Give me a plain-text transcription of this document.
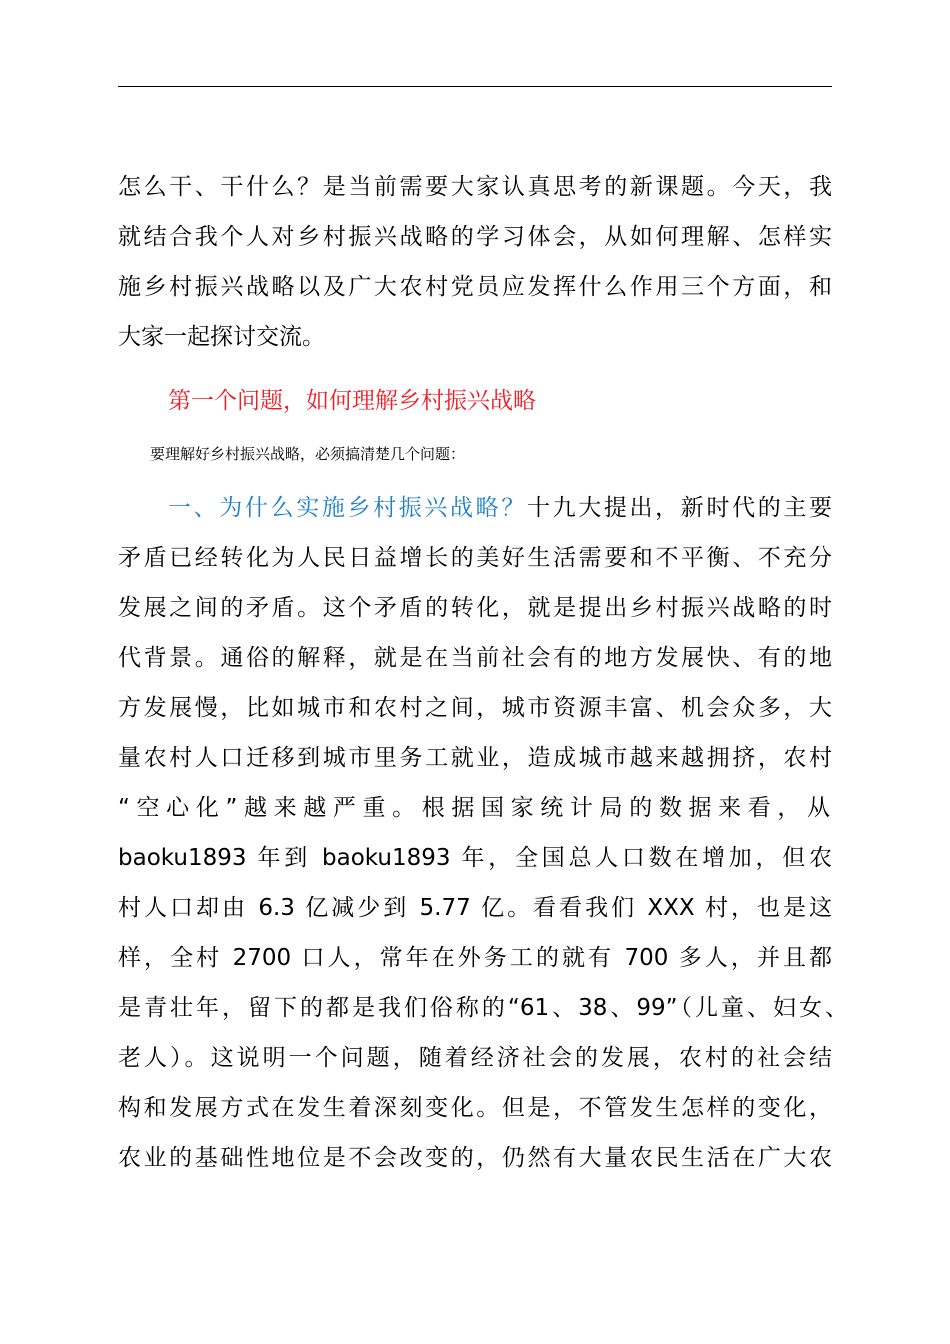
怎么干、干什么？是当前需要大家认真思考的新课题。今天，我
就结合我个人对乡村振兴战略的学习体会，从如何理解、怎样实
施乡村振兴战略以及广大农村党员应发挥什么作用三个方面，和
大家一起探讨交流。
第一个问题，如何理解乡村振兴战略
要理解好乡村振兴战略，必须搞清楚几个问题：
一、为什么实施乡村振兴战略？十九大提出，新时代的主要
矛盾已经转化为人民日益增长的美好生活需要和不平衡、不充分
发展之间的矛盾。这个矛盾的转化，就是提出乡村振兴战略的时
代背景。通俗的解释，就是在当前社会有的地方发展快、有的地
方发展慢，比如城市和农村之间，城市资源丰富、机会众多，大
量农村人口迁移到城市里务工就业，造成城市越来越拥挤，农村
“空心化”越来越严重。根据国家统计局的数据来看，从
baoku1893 年到 baoku1893 年，全国总人口数在增加，但农
村人口却由 6.3 亿减少到 5.77 亿。看看我们 XXX 村，也是这
样，全村 2700 口人，常年在外务工的就有 700 多人，并且都
是青壮年，留下的都是我们俗称的“61、38、99”（儿童、妇女、
老人）。这说明一个问题，随着经济社会的发展，农村的社会结
构和发展方式在发生着深刻变化。但是，不管发生怎样的变化，
农业的基础性地位是不会改变的，仍然有大量农民生活在广大农
